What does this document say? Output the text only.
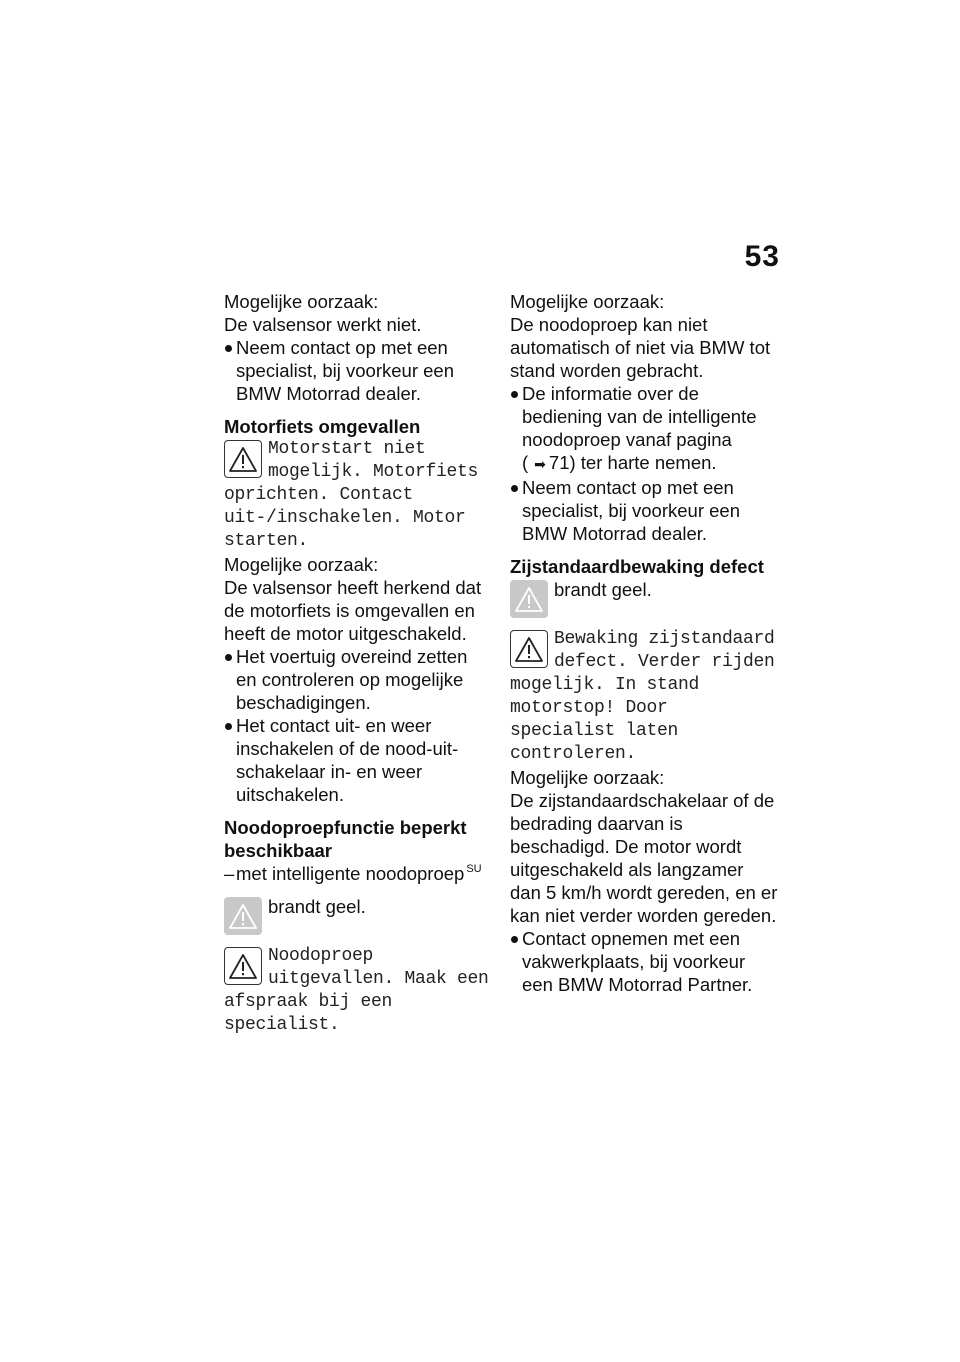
53

Mogelijke oorzaak:

De valsensor werkt niet.

Neem contact op met een specialist, bij voorkeur een BMW Motorrad dealer.

Motorfiets omgevallen

Motorstart niet mogelijk. Motorfiets oprichten. Contact uit-/inschakelen. Motor starten.

Mogelijke oorzaak:

De valsensor heeft herkend dat de motorfiets is omgevallen en heeft de motor uitgeschakeld.

Het voertuig overeind zetten en controleren op mogelijke beschadigingen.
Het contact uit- en weer inschakelen of de nood-uit-schakelaar in- en weer uitschakelen.

Noodoproepfunctie beperkt beschikbaar

– met intelligente noodoproep $^{SU}$
brandt geel.
Noodoproep uitgevallen. Maak een afspraak bij een specialist.

Mogelijke oorzaak:

De noodoproep kan niet automatisch of niet via BMW tot stand worden gebracht.

De informatie over de bediening van de intelligente noodoproep vanaf pagina ( ➡ 71) ter harte nemen.
Neem contact op met een specialist, bij voorkeur een BMW Motorrad dealer.

Zijstandaardbewaking defect

brandt geel.
Bewaking zijstandaard defect. Verder rijden mogelijk. In stand motorstop! Door specialist laten controleren.

Mogelijke oorzaak:

De zijstandaardschakelaar of de bedrading daarvan is beschadigd. De motor wordt uitgeschakeld als langzamer dan 5 km/h wordt gereden, en er kan niet verder worden gereden.

Contact opnemen met een vakwerkplaats, bij voorkeur een BMW Motorrad Partner.
